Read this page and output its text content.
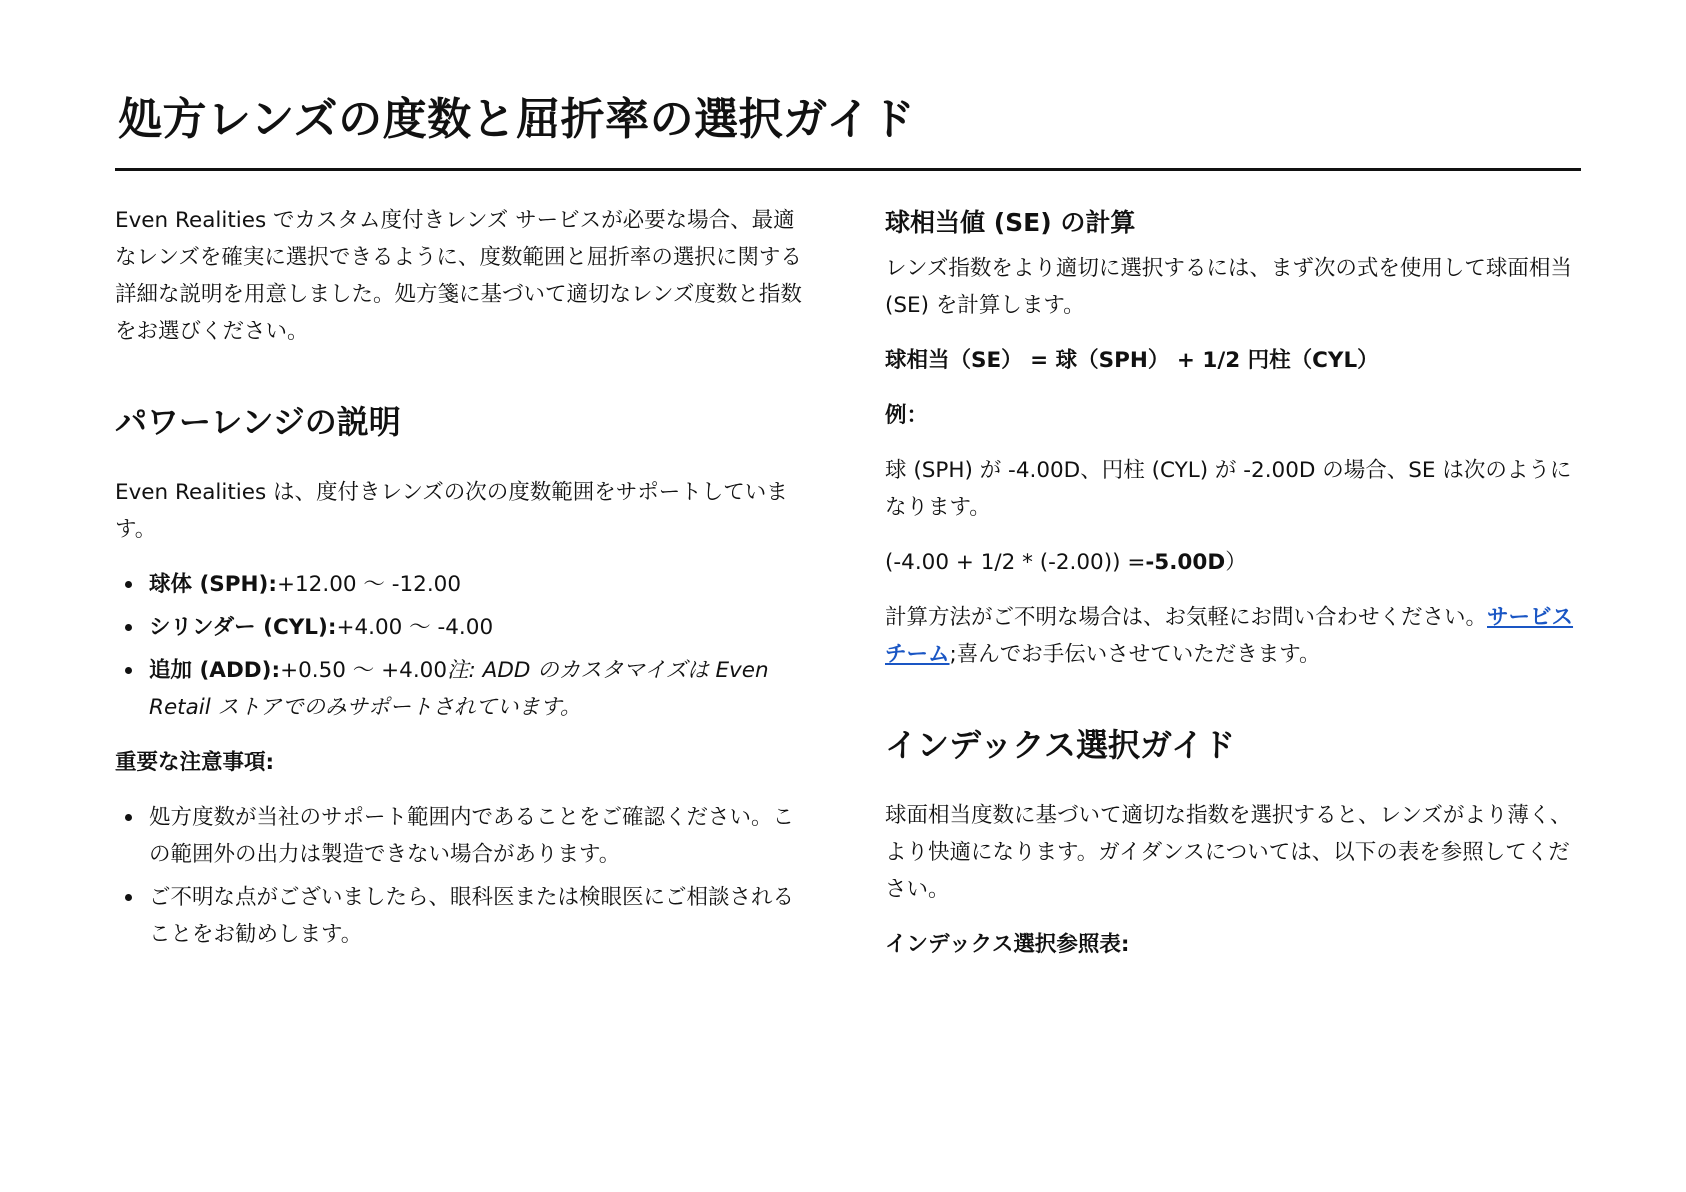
処方レンズの度数と屈折率の選択ガイド

Even Realities でカスタム度付きレンズ サービスが必要な場合、最適なレンズを確実に選択できるように、度数範囲と屈折率の選択に関する詳細な説明を用意しました。処方箋に基づいて適切なレンズ度数と指数をお選びください。

パワーレンジの説明

Even Realities は、度付きレンズの次の度数範囲をサポートしています。

球体 (SPH):+12.00 〜 -12.00
シリンダー (CYL):+4.00 〜 -4.00
追加 (ADD):+0.50 〜 +4.00注: ADD のカスタマイズは Even Retail ストアでのみサポートされています。

重要な注意事項:

処方度数が当社のサポート範囲内であることをご確認ください。この範囲外の出力は製造できない場合があります。
ご不明な点がございましたら、眼科医または検眼医にご相談されることをお勧めします。
球相当値 (SE) の計算

レンズ指数をより適切に選択するには、まず次の式を使用して球面相当 (SE) を計算します。

球相当（SE） = 球（SPH） + 1/2 円柱（CYL）

例：

球 (SPH) が -4.00D、円柱 (CYL) が -2.00D の場合、SE は次のようになります。

(-4.00 + 1/2 * (-2.00)) =-5.00D）

計算方法がご不明な場合は、お気軽にお問い合わせください。サービスチーム;喜んでお手伝いさせていただきます。

インデックス選択ガイド

球面相当度数に基づいて適切な指数を選択すると、レンズがより薄く、より快適になります。ガイダンスについては、以下の表を参照してください。

インデックス選択参照表:
